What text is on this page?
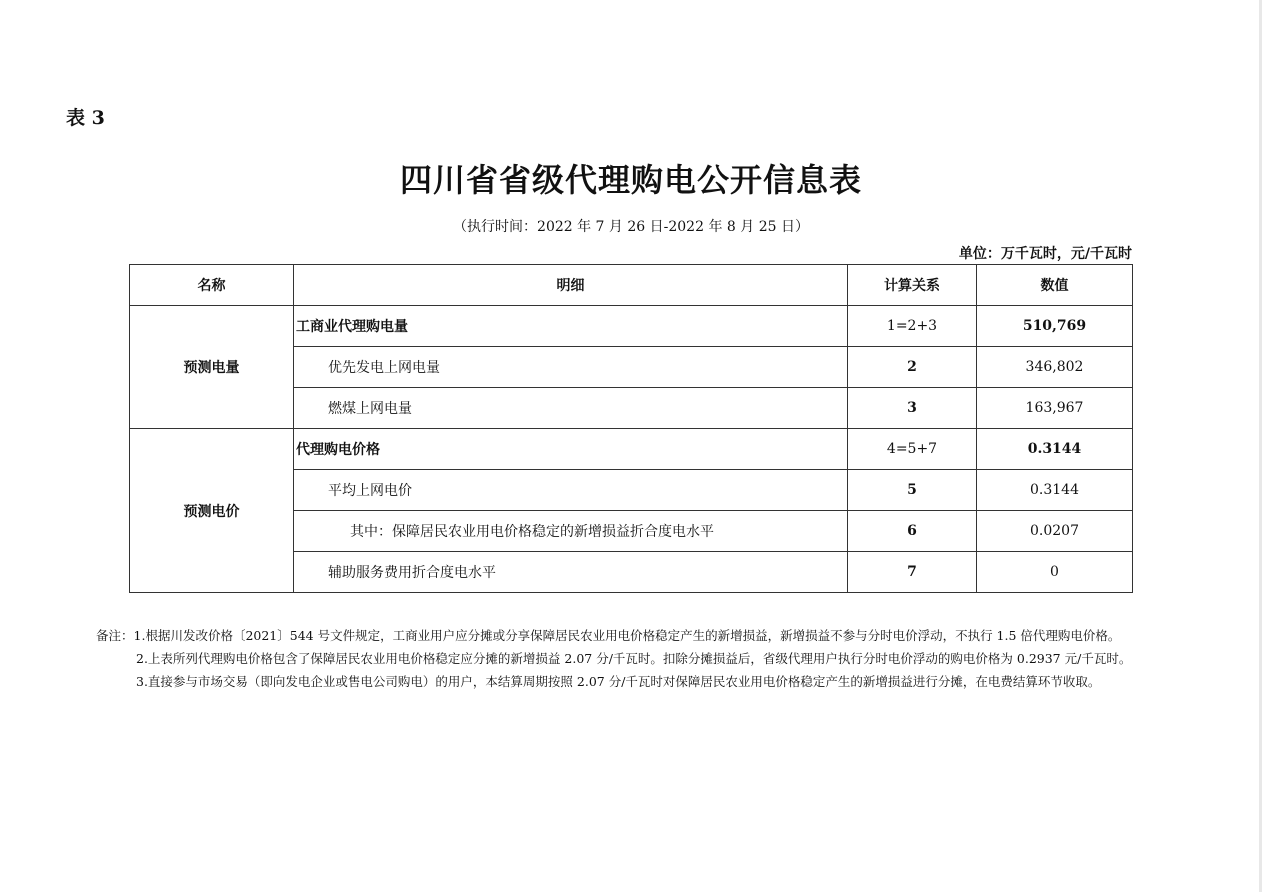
表 3
四川省省级代理购电公开信息表
（执行时间：2022 年 7 月 26 日-2022 年 8 月 25 日）
单位：万千瓦时，元/千瓦时
名称	明细	计算关系	数值
预测电量	工商业代理购电量	1=2+3	510,769
	优先发电上网电量	2	346,802
	燃煤上网电量	3	163,967
预测电价	代理购电价格	4=5+7	0.3144
	平均上网电价	5	0.3144
	其中：保障居民农业用电价格稳定的新增损益折合度电水平	6	0.0207
	辅助服务费用折合度电水平	7	0
备注：1.根据川发改价格〔2021〕544 号文件规定，工商业用户应分摊或分享保障居民农业用电价格稳定产生的新增损益，新增损益不参与分时电价浮动，不执行 1.5 倍代理购电价格。
2.上表所列代理购电价格包含了保障居民农业用电价格稳定应分摊的新增损益 2.07 分/千瓦时。扣除分摊损益后，省级代理用户执行分时电价浮动的购电价格为 0.2937 元/千瓦时。
3.直接参与市场交易（即向发电企业或售电公司购电）的用户，本结算周期按照 2.07 分/千瓦时对保障居民农业用电价格稳定产生的新增损益进行分摊，在电费结算环节收取。
